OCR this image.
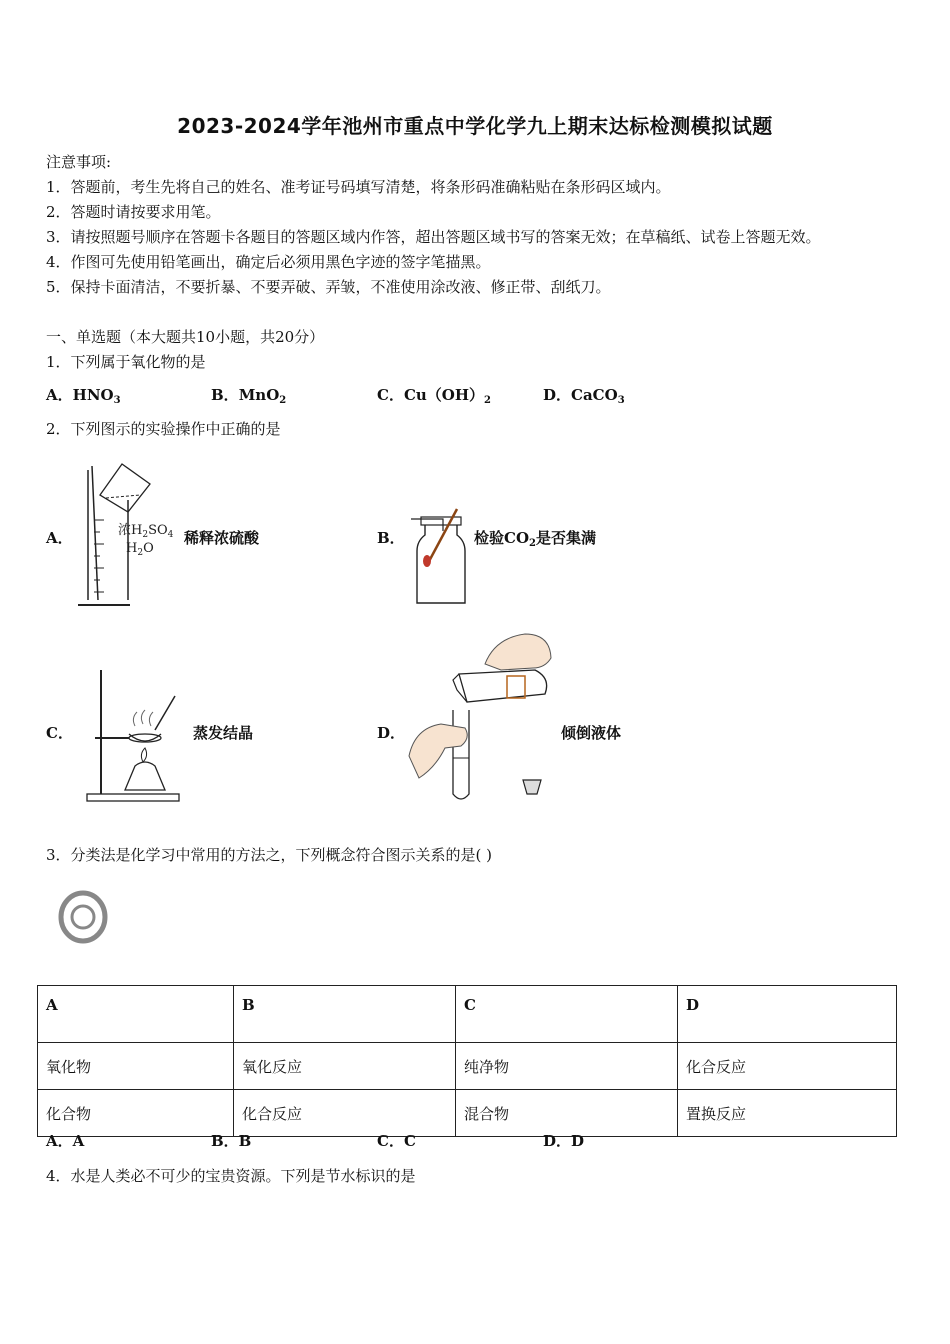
2023-2024学年池州市重点中学化学九上期末达标检测模拟试题
注意事项:
1．答题前，考生先将自己的姓名、准考证号码填写清楚，将条形码准确粘贴在条形码区域内。
2．答题时请按要求用笔。
3．请按照题号顺序在答题卡各题目的答题区域内作答，超出答题区域书写的答案无效；在草稿纸、试卷上答题无效。
4．作图可先使用铅笔画出，确定后必须用黑色字迹的签字笔描黑。
5．保持卡面清洁，不要折暴、不要弄破、弄皱，不准使用涂改液、修正带、刮纸刀。
一、单选题（本大题共10小题，共20分）
1．下列属于氧化物的是
A．$HNO_3$	B．MnO$_2$	C．$Cu(OH)_2$	D．CaCO$_3$
2．下列图示的实验操作中正确的是
A．	浓$H_2SO_4$
$H_2O$
稀释浓硫酸	B．	检验$CO_2$是否集满
C．	蒸发结晶	D．	倾倒液体
3．分类法是化学习中常用的方法之，下列概念符合图示关系的是( )
A	B	C	D
氧化物	氧化反应	纯净物	化合反应
化合物	化合反应	混合物	置换反应
A．A	B．B	C．C	D．D
4．水是人类必不可少的宝贵资源。下列是节水标识的是
